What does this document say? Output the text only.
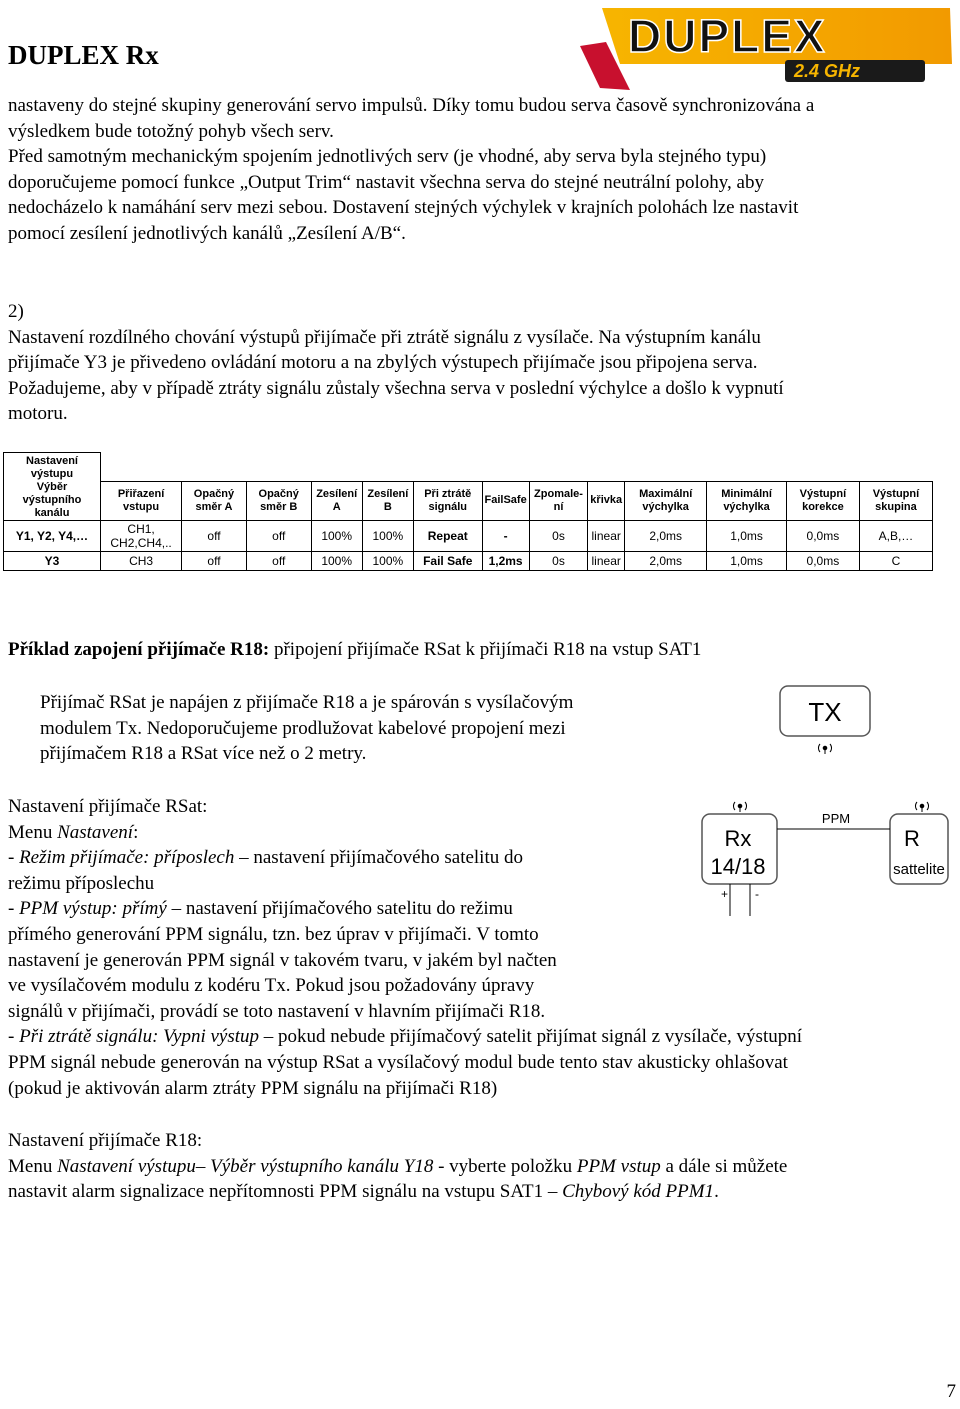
DUPLEX Rx	DUPLEX
2.4 GHz

nastaveny do stejné skupiny generování servo impulsů. Díky tomu budou serva časově synchronizována a

výsledkem bude totožný pohyb všech serv.

Před samotným mechanickým spojením jednotlivých serv (je vhodné, aby serva byla stejného typu)

doporučujeme pomocí funkce „Output Trim“ nastavit všechna serva do stejné neutrální polohy, aby

nedocházelo k namáhání serv mezi sebou. Dostavení stejných výchylek v krajních polohách lze nastavit

pomocí zesílení jednotlivých kanálů „Zesílení A/B“.

2)

Nastavení rozdílného chování výstupů přijímače při ztrátě signálu z vysílače. Na výstupním kanálu

přijímače Y3 je přivedeno ovládání motoru a na zbylých výstupech přijímače jsou připojena serva.

Požadujeme, aby v případě ztráty signálu zůstaly všechna serva v poslední výchylce a došlo k vypnutí

motoru.

Nastavení výstupu													
Výběr výstupního kanálu	Přiřazení vstupu	Opačný směr A	Opačný směr B	Zesílení A	Zesílení B	Při ztrátě signálu	FailSafe	Zpomale-ní	křivka	Maximální výchylka	Minimální výchylka	Výstupní korekce	Výstupní skupina
Y1, Y2, Y4,…	CH1, CH2,CH4,..	off	off	100%	100%	Repeat	-	0s	linear	2,0ms	1,0ms	0,0ms	A,B,…
Y3	CH3	off	off	100%	100%	Fail Safe	1,2ms	0s	linear	2,0ms	1,0ms	0,0ms	C
Příklad zapojení přijímače R18: připojení přijímače RSat k přijímači R18 na vstup SAT1

Přijímač RSat je napájen z přijímače R18 a je spárován s vysílačovým

modulem Tx. Nedoporučujeme prodlužovat kabelové propojení mezi

přijímačem R18 a RSat více než o 2 metry.

Nastavení přijímače RSat:

Menu Nastavení:

- Režim přijímače: příposlech – nastavení přijímačového satelitu do

režimu příposlechu

- PPM výstup: přímý – nastavení přijímačového satelitu do režimu

přímého generování PPM signálu, tzn. bez úprav v přijímači. V tomto

nastavení je generován PPM signál v takovém tvaru, v jakém byl načten

ve vysílačovém modulu z kodéru Tx. Pokud jsou požadovány úpravy

signálů v přijímači, provádí se toto nastavení v hlavním přijímači R18.

- Při ztrátě signálu: Vypni výstup – pokud nebude přijímačový satelit přijímat signál z vysílače, výstupní

PPM signál nebude generován na výstup RSat a vysílačový modul bude tento stav akusticky ohlašovat

(pokud je aktivován alarm ztráty PPM signálu na přijímači R18)

Nastavení přijímače R18:

Menu Nastavení výstupu– Výběr výstupního kanálu Y18 - vyberte položku PPM vstup a dále si můžete

nastavit alarm signalizace nepřítomnosti PPM signálu na vstupu SAT1 – Chybový kód PPM1.

TX
Rx
14/18
R
sattelite
PPM
+ -
7
